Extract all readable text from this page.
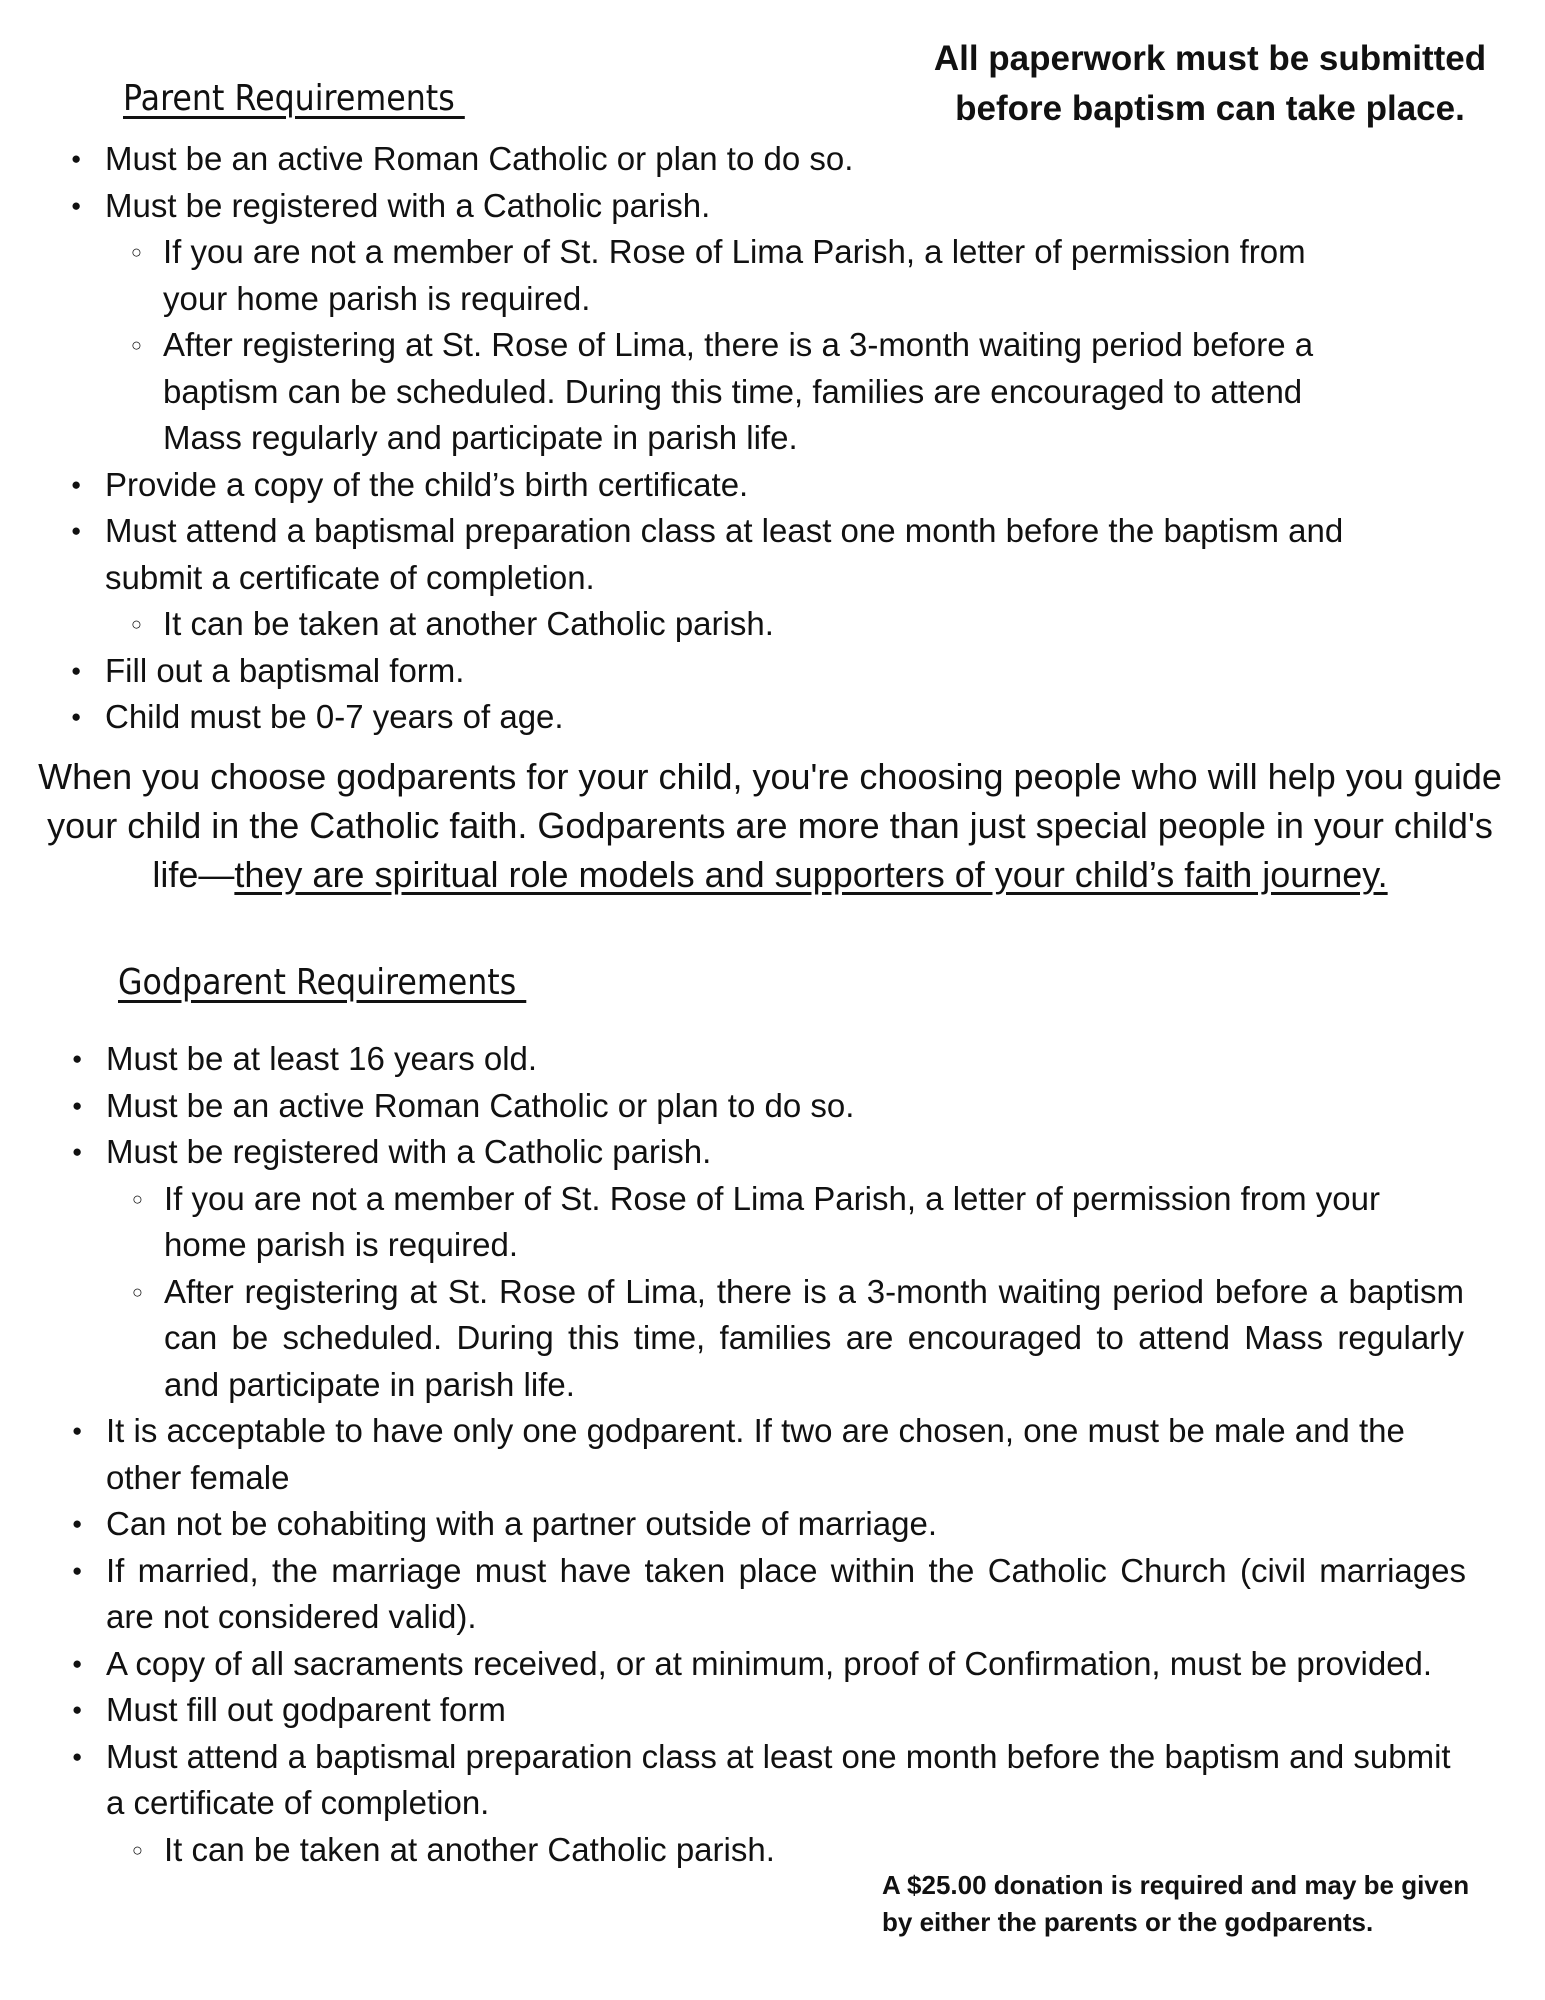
All paperwork must be submitted
before baptism can take place.
Parent Requirements
● Must be an active Roman Catholic or plan to do so.
● Must be registered with a Catholic parish.
○ If you are not a member of St. Rose of Lima Parish, a letter of permission from your home parish is required.
○ After registering at St. Rose of Lima, there is a 3-month waiting period before a baptism can be scheduled. During this time, families are encouraged to attend Mass regularly and participate in parish life.
● Provide a copy of the child’s birth certificate.
● Must attend a baptismal preparation class at least one month before the baptism and submit a certificate of completion.
○ It can be taken at another Catholic parish.
● Fill out a baptismal form.
● Child must be 0-7 years of age.
When you choose godparents for your child, you're choosing people who will help you guide your child in the Catholic faith. Godparents are more than just special people in your child's life—they are spiritual role models and supporters of your child’s faith journey.
Godparent Requirements
● Must be at least 16 years old.
● Must be an active Roman Catholic or plan to do so.
● Must be registered with a Catholic parish.
○ If you are not a member of St. Rose of Lima Parish, a letter of permission from your home parish is required.
○ After registering at St. Rose of Lima, there is a 3-month waiting period before a baptism can be scheduled. During this time, families are encouraged to attend Mass regularly and participate in parish life.
● It is acceptable to have only one godparent. If two are chosen, one must be male and the other female
● Can not be cohabiting with a partner outside of marriage.
● If married, the marriage must have taken place within the Catholic Church (civil marriages are not considered valid).
● A copy of all sacraments received, or at minimum, proof of Confirmation, must be provided.
● Must fill out godparent form
● Must attend a baptismal preparation class at least one month before the baptism and submit a certificate of completion.
○ It can be taken at another Catholic parish.
A $25.00 donation is required and may be given
by either the parents or the godparents.
